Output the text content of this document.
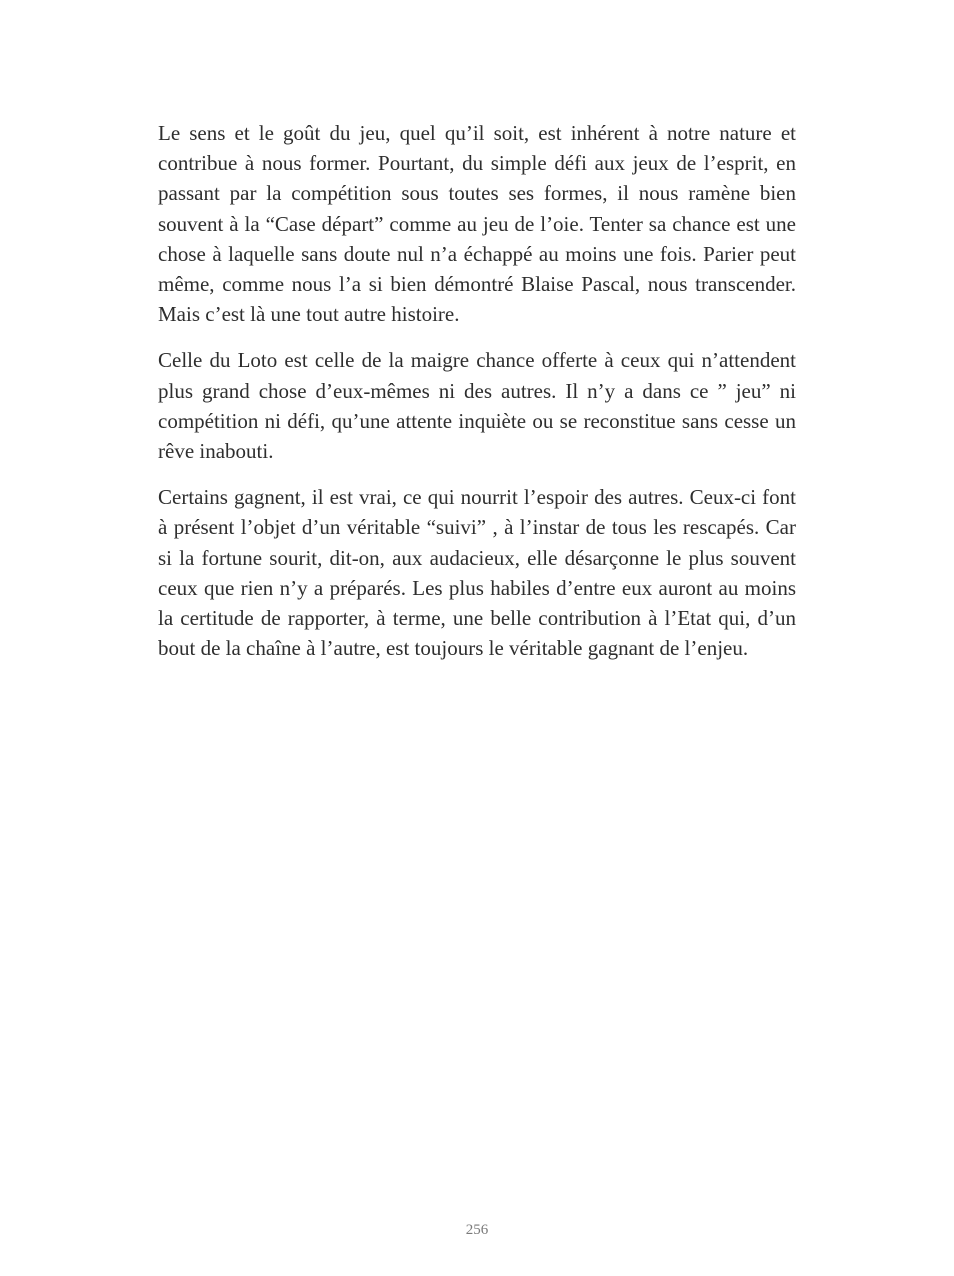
Le sens et le goût du jeu, quel qu’il soit, est inhérent à notre nature et contribue à nous former. Pourtant, du simple défi aux jeux de l’esprit, en passant par la compétition sous toutes ses formes, il nous ramène bien souvent à la “Case départ” comme au jeu de l’oie. Tenter sa chance est une chose à laquelle sans doute nul n’a échappé au moins une fois. Parier peut même, comme nous l’a si bien démontré Blaise Pascal, nous transcender. Mais c’est là une tout autre histoire.

Celle du Loto est celle de la maigre chance offerte à ceux qui n’attendent plus grand chose d’eux-mêmes ni des autres. Il n’y a dans ce ” jeu” ni compétition ni défi, qu’une attente inquiète ou se reconstitue sans cesse un rêve inabouti.

Certains gagnent, il est vrai, ce qui nourrit l’espoir des autres. Ceux-ci font à présent l’objet d’un véritable “suivi” , à l’instar de tous les rescapés. Car si la fortune sourit, dit-on, aux audacieux, elle désarçonne le plus souvent ceux que rien n’y a préparés. Les plus habiles d’entre eux auront au moins la certitude de rapporter, à terme, une belle contribution à l’Etat qui, d’un bout de la chaîne à l’autre, est toujours le véritable gagnant de l’enjeu.

256
